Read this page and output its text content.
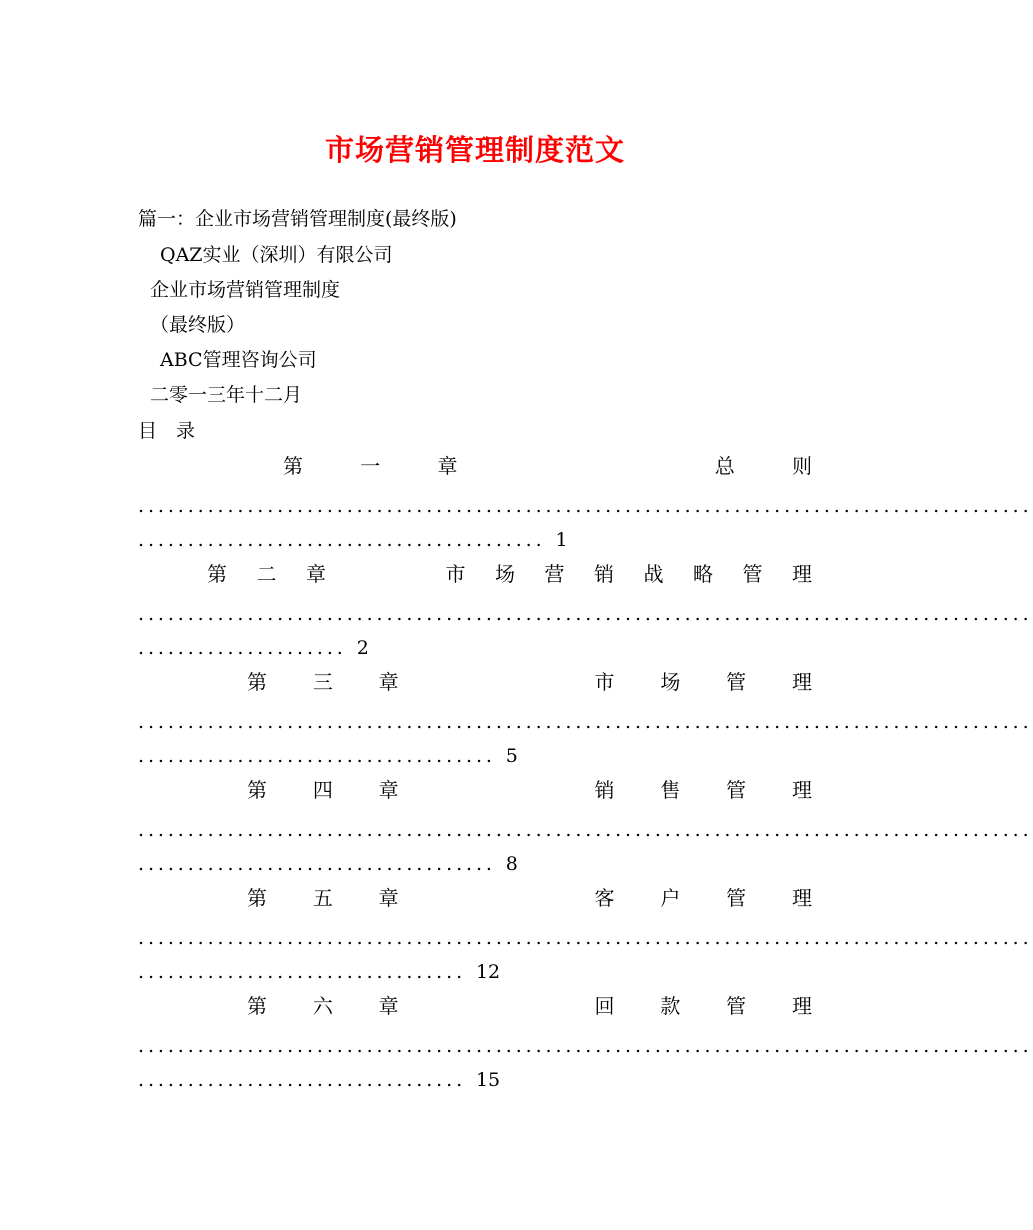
市场营销管理制度范文
篇一：企业市场营销管理制度(最终版)
QAZ实业（深圳）有限公司
企业市场营销管理制度
（最终版）
ABC管理咨询公司
二零一三年十二月
目　录
第	一	章	总	则
..........................................................................................
......................................... 1
第 二 章	市 场 营 销 战 略 管 理
..........................................................................................
..................... 2
第 三 章	市 场 管 理
..........................................................................................
.................................... 5
第 四 章	销 售 管 理
..........................................................................................
.................................... 8
第 五 章	客 户 管 理
..........................................................................................
................................. 12
第 六 章	回 款 管 理
..........................................................................................
................................. 15
